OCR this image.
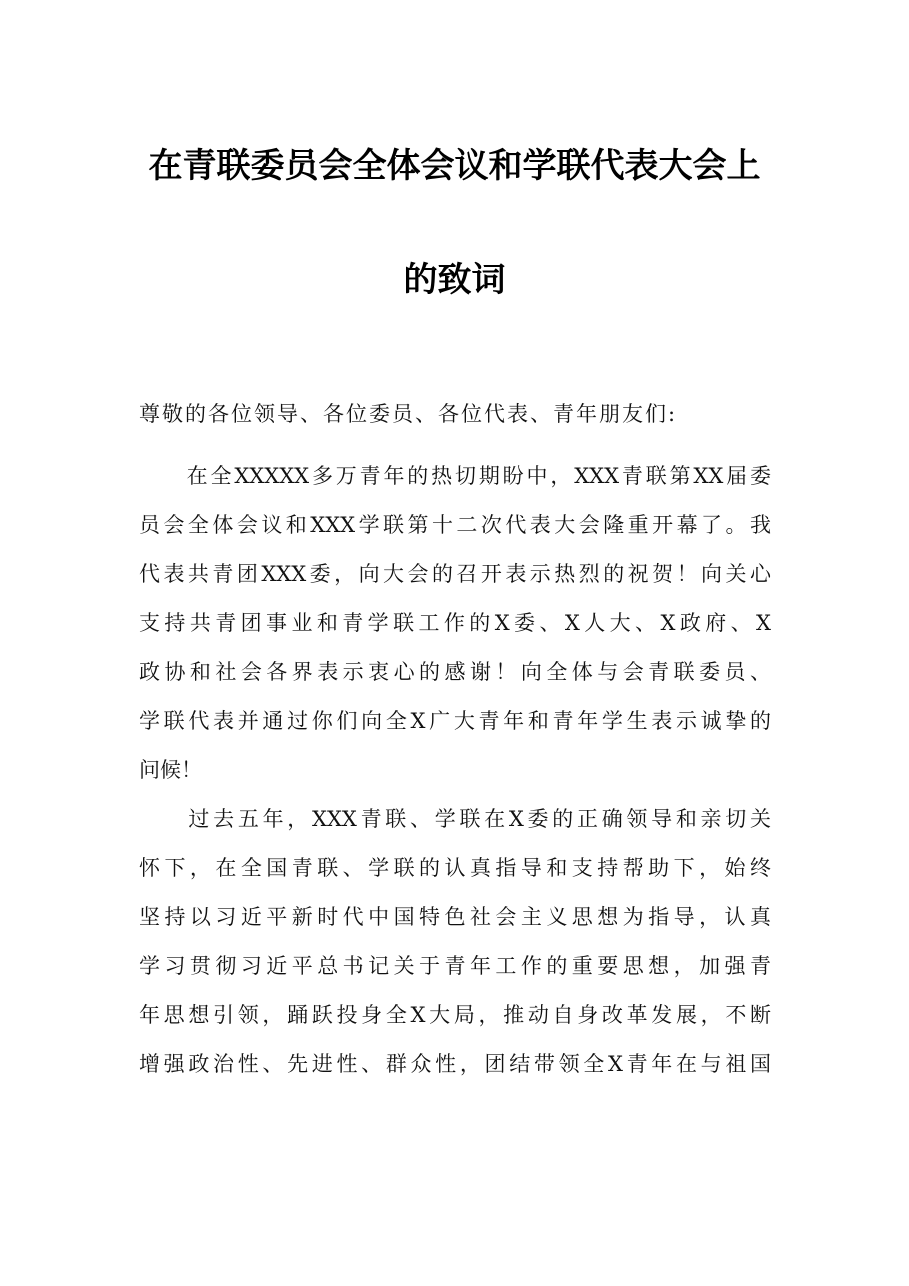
在青联委员会全体会议和学联代表大会上
的致词
尊敬的各位领导、各位委员、各位代表、青年朋友们:
　　在全XXXXX多万青年的热切期盼中，XXX青联第XX届委
员会全体会议和XXX学联第十二次代表大会隆重开幕了。我
代表共青团XXX委，向大会的召开表示热烈的祝贺！向关心
支持共青团事业和青学联工作的X委、X人大、X政府、X
政协和社会各界表示衷心的感谢！向全体与会青联委员、
学联代表并通过你们向全X广大青年和青年学生表示诚挚的
问候！
　　过去五年，XXX青联、学联在X委的正确领导和亲切关
怀下，在全国青联、学联的认真指导和支持帮助下，始终
坚持以习近平新时代中国特色社会主义思想为指导，认真
学习贯彻习近平总书记关于青年工作的重要思想，加强青
年思想引领，踊跃投身全X大局，推动自身改革发展，不断
增强政治性、先进性、群众性，团结带领全X青年在与祖国
